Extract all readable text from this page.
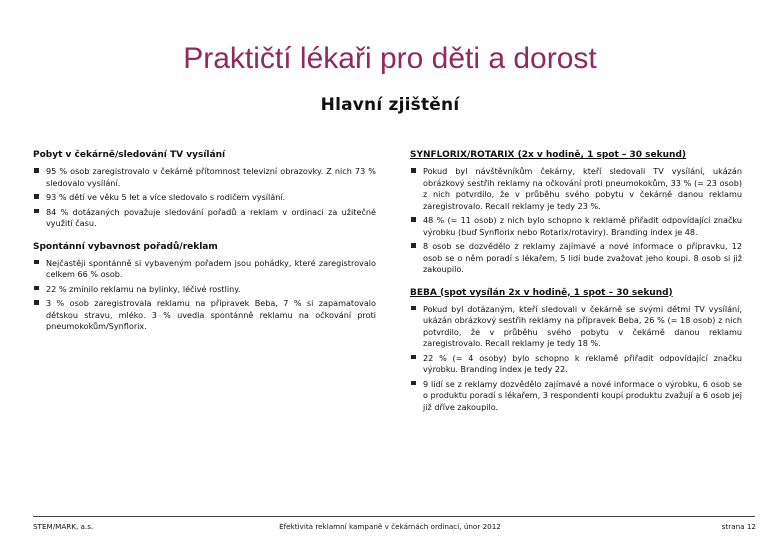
Praktičtí lékaři pro děti a dorost
Hlavní zjištění
Pobyt v čekárně/sledování TV vysílání
95 % osob zaregistrovalo v čekárně přítomnost televizní obrazovky. Z nich 73 % sledovalo vysílání.
93 % dětí ve věku 5 let a více sledovalo s rodičem vysílání.
84 % dotázaných považuje sledování pořadů a reklam v ordinaci za užitečné využití času.
Spontánní vybavnost pořadů/reklam
Nejčastěji spontánně si vybaveným pořadem jsou pohádky, které zaregistrovalo celkem 66 % osob.
22 % zmínilo reklamu na bylinky, léčivé rostliny.
3 % osob zaregistrovala reklamu na přípravek Beba, 7 % si zapamatovalo dětskou stravu, mléko. 3 % uvedla spontánně reklamu na očkování proti pneumokokům/Synflorix.
SYNFLORIX/ROTARIX (2x v hodině, 1 spot – 30 sekund)
Pokud byl návštěvníkům čekárny, kteří sledovali TV vysílání, ukázán obrázkový sestřih reklamy na očkování proti pneumokokům, 33 % (= 23 osob) z nich potvrdilo, že v průběhu svého pobytu v čekárně danou reklamu zaregistrovalo. Recall reklamy je tedy 23 %.
48 % (= 11 osob) z nich bylo schopno k reklamě přiřadit odpovídající značku výrobku (buď Synflorix nebo Rotarix/rotaviry). Branding index je 48.
8 osob se dozvědělo z reklamy zajímavé a nové informace o přípravku, 12 osob se o něm poradí s lékařem, 5 lidí bude zvažovat jeho koupi. 8 osob si již zakoupilo.
BEBA (spot vysílán 2x v hodině, 1 spot – 30 sekund)
Pokud byl dotázaným, kteří sledovali v čekárně se svými dětmi TV vysílání, ukázán obrázkový sestřih reklamy na přípravek Beba, 26 % (= 18 osob) z nich potvrdilo, že v průběhu svého pobytu v čekárně danou reklamu zaregistrovalo. Recall reklamy je tedy 18 %.
22 % (= 4 osoby) bylo schopno k reklamě přiřadit odpovídající značku výrobku. Branding index je tedy 22.
9 lidí se z reklamy dozvědělo zajímavé a nové informace o výrobku, 6 osob se o produktu poradí s lékařem, 3 respondenti koupí produktu zvažují a 6 osob jej již dříve zakoupilo.
STEM/MARK, a.s.	Efektivita reklamní kampaně v čekárnách ordinací, únor 2012	strana 12
